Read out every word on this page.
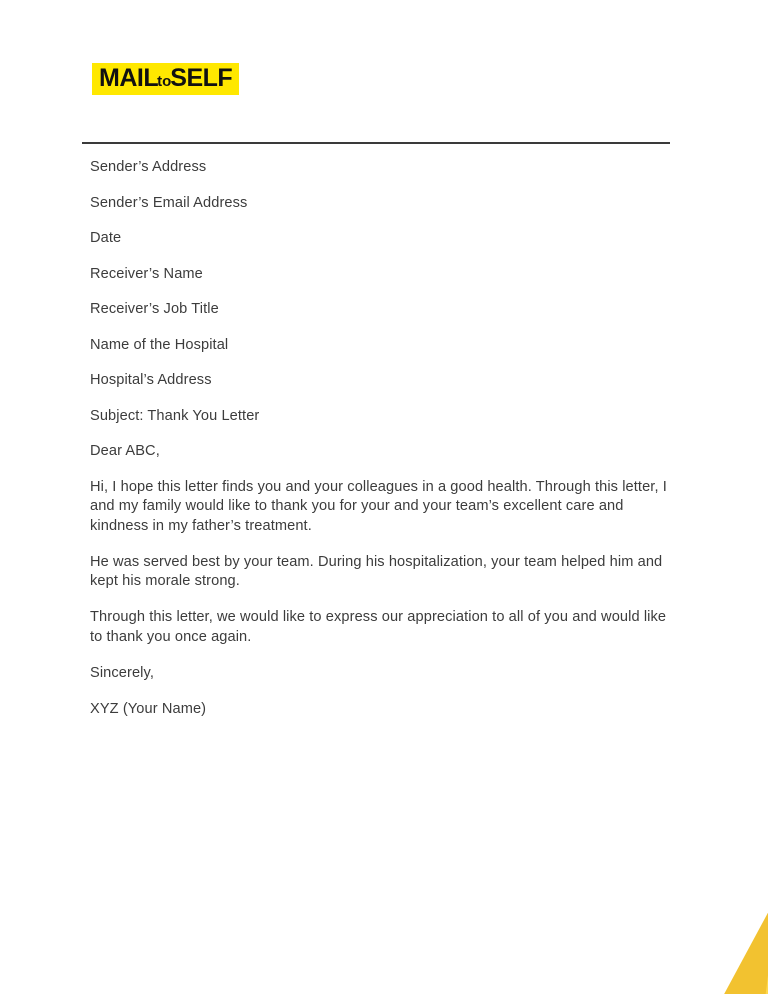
MAIL to SELF

Sender’s Address

Sender’s Email Address

Date

Receiver’s Name

Receiver’s Job Title

Name of the Hospital

Hospital’s Address

Subject: Thank You Letter

Dear ABC,

Hi, I hope this letter finds you and your colleagues in a good health. Through this letter, I and my family would like to thank you for your and your team’s excellent care and kindness in my father’s treatment.

He was served best by your team. During his hospitalization, your team helped him and kept his morale strong.

Through this letter, we would like to express our appreciation to all of you and would like to thank you once again.

Sincerely,

XYZ (Your Name)
